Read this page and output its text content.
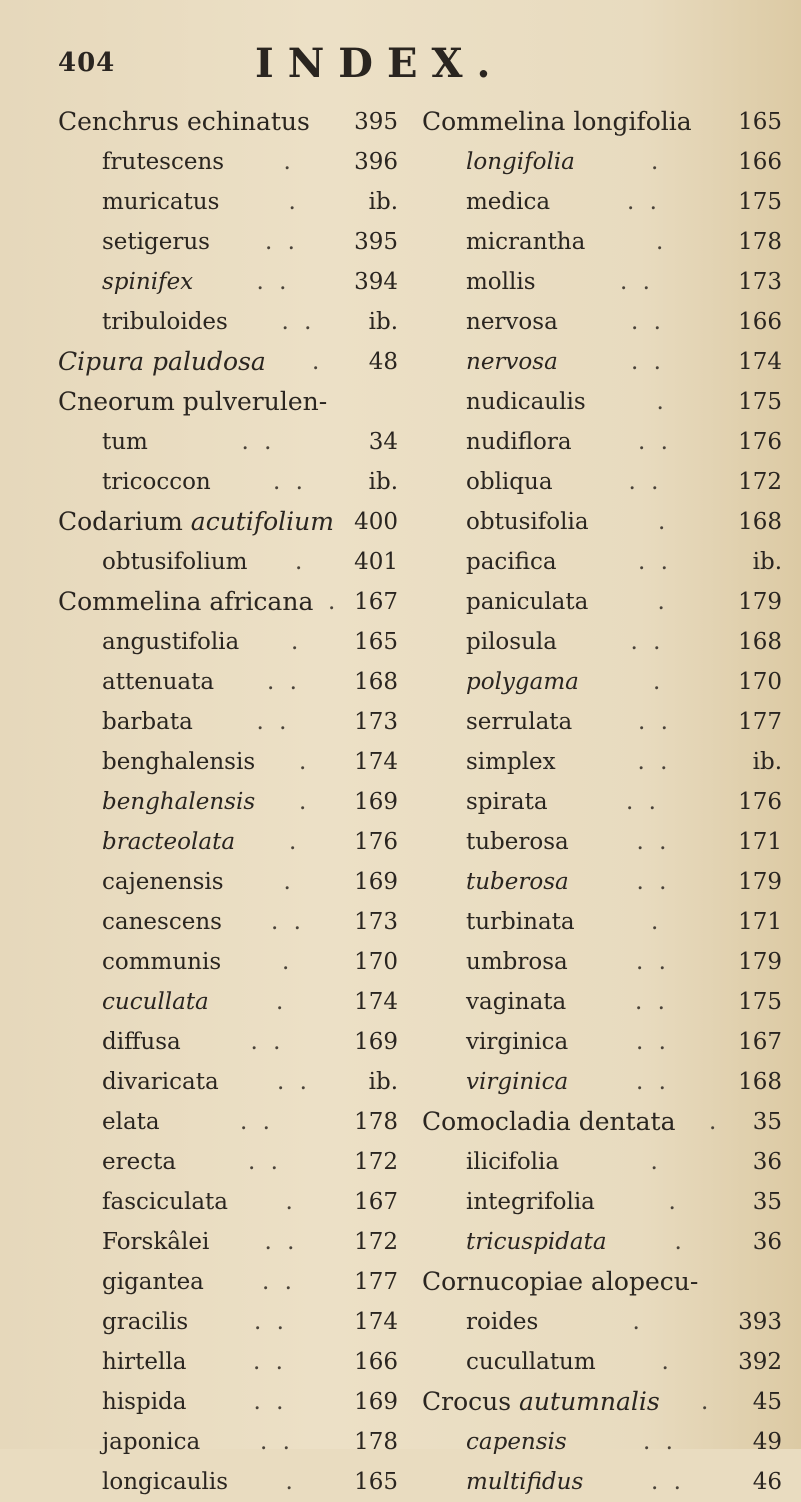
404	INDEX.
Cenchrus echinatus 395
frutescens	.	396
muricatus	.	ib.
setigerus . . 395
spinifex	. .	394
tribuloides . . ib.
Cipura paludosa . 48
Cneorum pulverulen-
tum	. .	34
tricoccon	. .	ib.
Codarium acutifolium 400
obtusifolium . 401
Commelina africana . 167
angustifolia . 165
attenuata . . 168
barbata	. .	173
benghalensis . 174
benghalensis . 169
bracteolata . 176
cajenensis	.	169
canescens . . 173
communis	.	170
cucullata	.	174
diffusa	. .	169
divaricata	. .	ib.
elata	. .	178
erecta	. .	172
fasciculata	. 167
Forskâlei . . 172
gigantea	. .	177
gracilis	. .	174
hirtella	. .	166
hispida	. .	169
japonica	. .	178
longicaulis . 165
Commelina longifolia 165
longifolia	.	166
medica	. .	175
micrantha	.	178
mollis	. .	173
nervosa	. .	166
nervosa	. .	174
nudicaulis	.	175
nudiflora	. .	176
obliqua	. .	172
obtusifolia	.	168
pacifica	. .	ib.
paniculata	.	179
pilosula	. .	168
polygama	.	170
serrulata	. .	177
simplex	. .	ib.
spirata	. .	176
tuberosa	. .	171
tuberosa	. .	179
turbinata	.	171
umbrosa	. .	179
vaginata	. .	175
virginica	. .	167
virginica	. .	168
Comocladia dentata . 35
ilicifolia	.	36
integrifolia	.	35
tricuspidata	.	36
Cornucopiae alopecu-
roides	.	393
cucullatum	.	392
Crocus autumnalis . 45
capensis	. .	49
multifidus	. .	46
